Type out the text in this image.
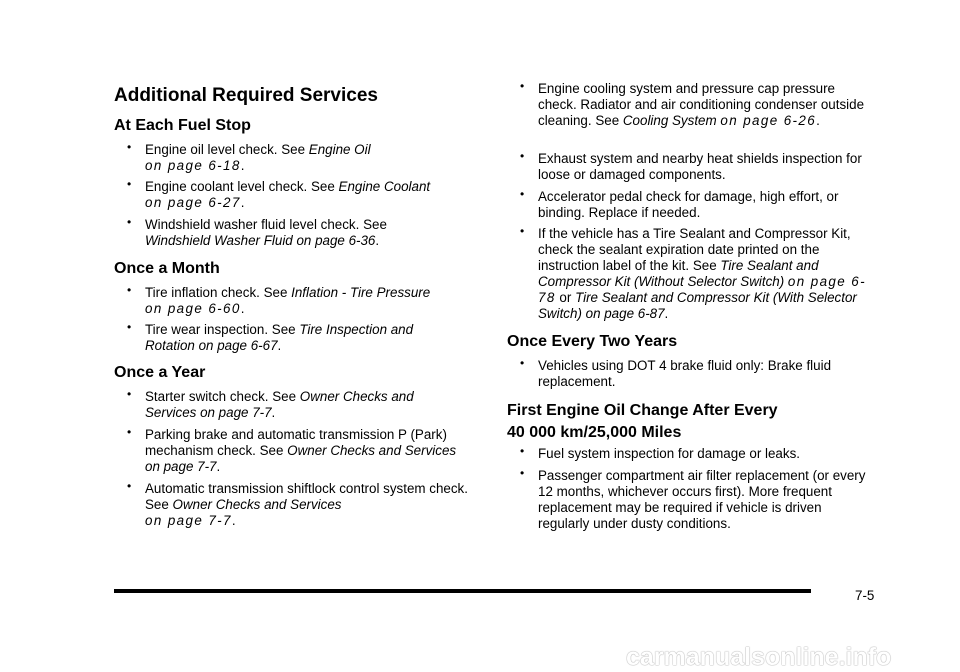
Additional Required Services
At Each Fuel Stop
• Engine oil level check. See Engine Oil
on page 6-18.
• Engine coolant level check. See Engine Coolant
on page 6-27.
• Windshield washer fluid level check. See
Windshield Washer Fluid on page 6-36.
Once a Month
• Tire inflation check. See Inflation - Tire Pressure
on page 6-60.
• Tire wear inspection. See Tire Inspection and
Rotation on page 6-67.
Once a Year
• Starter switch check. See Owner Checks and
Services on page 7-7.
• Parking brake and automatic transmission P (Park) mechanism check. See Owner Checks and Services on page 7-7.
• Automatic transmission shiftlock control system check. See Owner Checks and Services
on page 7-7.
• Engine cooling system and pressure cap pressure check. Radiator and air conditioning condenser outside cleaning. See Cooling System on page 6-26.
• Exhaust system and nearby heat shields inspection for loose or damaged components.
• Accelerator pedal check for damage, high effort, or binding. Replace if needed.
• If the vehicle has a Tire Sealant and Compressor Kit, check the sealant expiration date printed on the instruction label of the kit. See Tire Sealant and Compressor Kit (Without Selector Switch) on page 6-78 or Tire Sealant and Compressor Kit (With Selector Switch) on page 6-87.
Once Every Two Years
• Vehicles using DOT 4 brake fluid only: Brake fluid replacement.
First Engine Oil Change After Every
40 000 km/25,000 Miles
• Fuel system inspection for damage or leaks.
• Passenger compartment air filter replacement (or every 12 months, whichever occurs first). More frequent replacement may be required if vehicle is driven regularly under dusty conditions.
7-5
carmanualsonline.info
